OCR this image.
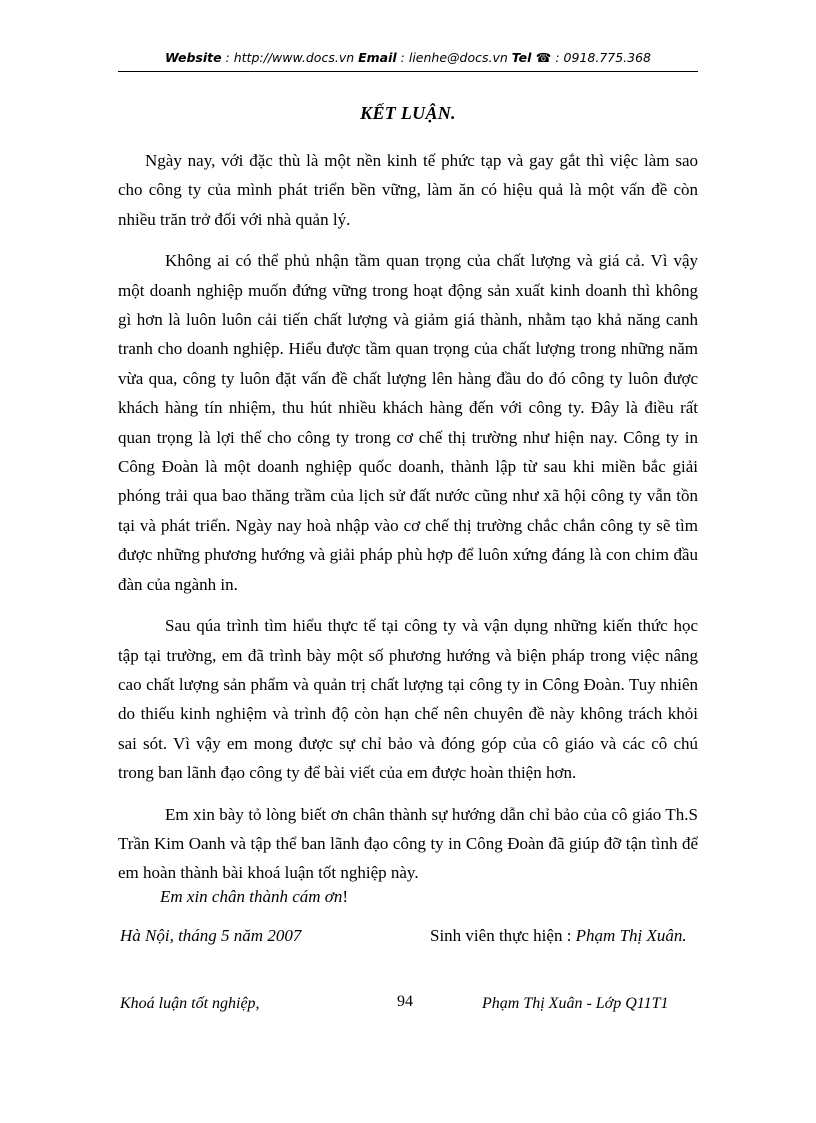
Website : http://www.docs.vn Email : lienhe@docs.vn Tel ☎ : 0918.775.368
KẾT LUẬN.

Ngày nay, với đặc thù là một nền kinh tế phức tạp và gay gắt thì việc làm sao cho công ty của mình phát triển bền vững, làm ăn có hiệu quả là một vấn đề còn nhiều trăn trở đối với nhà quản lý.

Không ai có thể phủ nhận tầm quan trọng của chất lượng và giá cả. Vì vậy một doanh nghiệp muốn đứng vững trong hoạt động sản xuất kinh doanh thì không gì hơn là luôn luôn cải tiến chất lượng và giảm giá thành, nhằm tạo khả năng canh tranh cho doanh nghiệp. Hiểu được tầm quan trọng của chất lượng trong những năm vừa qua, công ty luôn đặt vấn đề chất lượng lên hàng đầu do đó công ty luôn được khách hàng tín nhiệm, thu hút nhiều khách hàng đến với công ty. Đây là điều rất quan trọng là lợi thế cho công ty trong cơ chế thị trường như hiện nay. Công ty in Công Đoàn là một doanh nghiệp quốc doanh, thành lập từ sau khi miền bắc giải phóng trải qua bao thăng trầm của lịch sử đất nước cũng như xã hội công ty vẫn tồn tại và phát triển. Ngày nay hoà nhập vào cơ chế thị trường chắc chắn công ty sẽ tìm được những phương hướng và giải pháp phù hợp để luôn xứng đáng là con chim đầu đàn của ngành in.

Sau qúa trình tìm hiểu thực tế tại công ty và vận dụng những kiến thức học tập tại trường, em đã trình bày một số phương hướng và biện pháp trong việc nâng cao chất lượng sản phẩm và quản trị chất lượng tại công ty in Công Đoàn. Tuy nhiên do thiếu kinh nghiệm và trình độ còn hạn chế nên chuyên đề này không trách khỏi sai sót. Vì vậy em mong được sự chỉ bảo và đóng góp của cô giáo và các cô chú trong ban lãnh đạo công ty để bài viết của em được hoàn thiện hơn.

Em xin bày tỏ lòng biết ơn chân thành sự hướng dẫn chỉ bảo của cô giáo Th.S Trần Kim Oanh và tập thể ban lãnh đạo công ty in Công Đoàn đã giúp đỡ tận tình để em hoàn thành bài khoá luận tốt nghiệp này.

Em xin chân thành cám ơn!
Hà Nội, tháng 5 năm 2007	Sinh viên thực hiện : Phạm Thị Xuân.
Khoá luận tốt nghiệp,	94	Phạm Thị Xuân - Lớp Q11T1
